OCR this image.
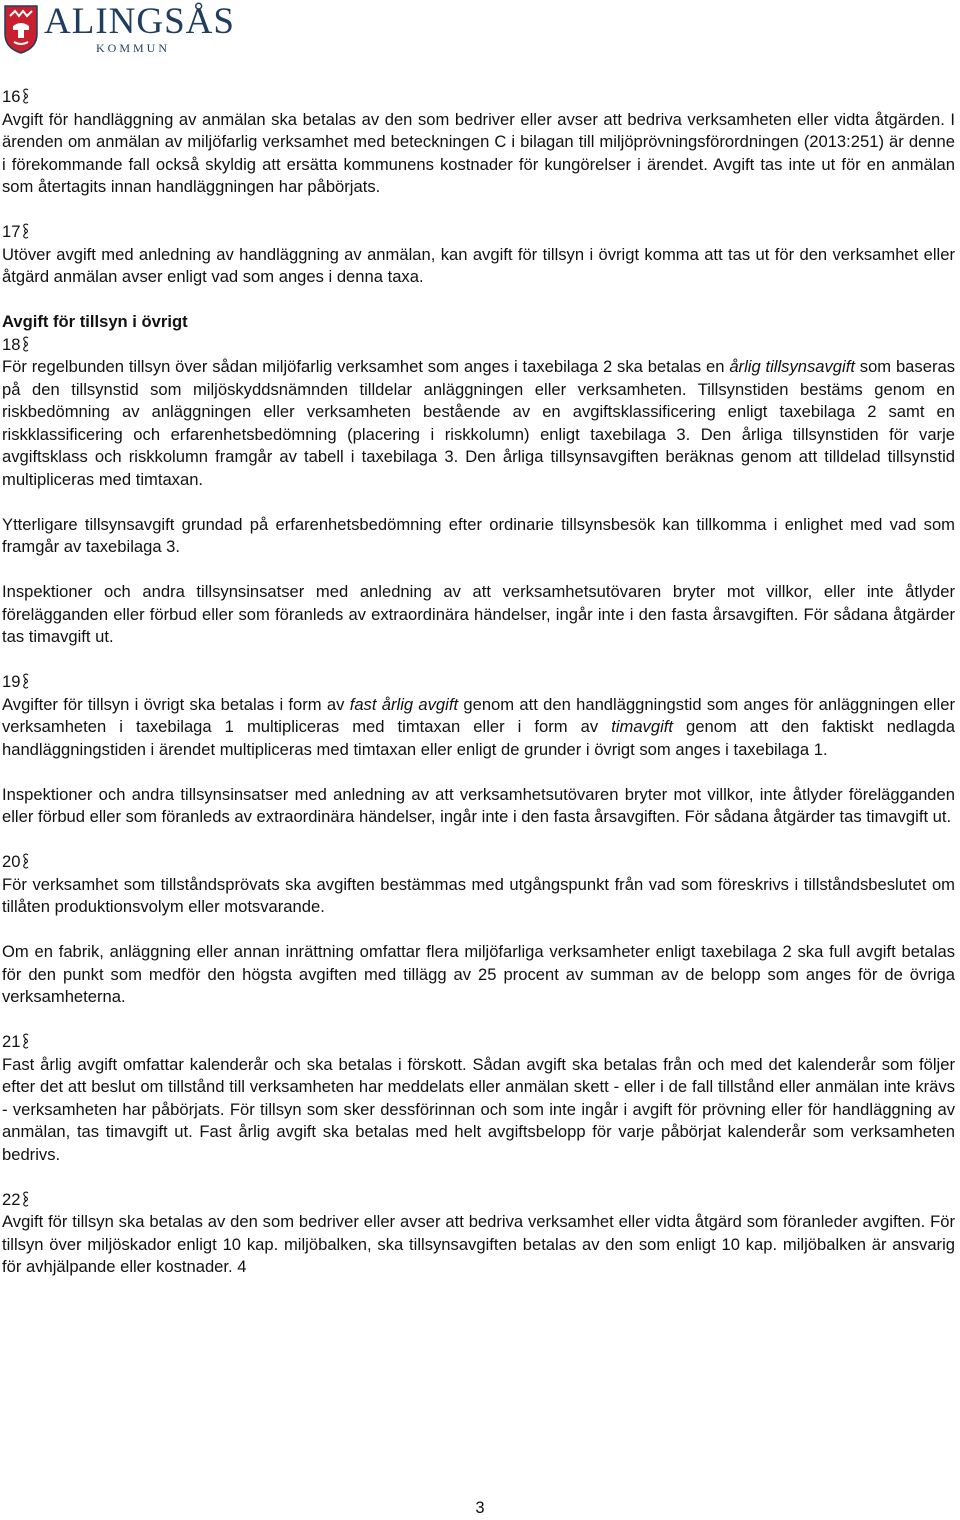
ALINGSÅS
KOMMUN

16

Avgift för handläggning av anmälan ska betalas av den som bedriver eller avser att bedriva verksamheten eller vidta åtgärden. I ärenden om anmälan av miljöfarlig verksamhet med beteckningen C i bilagan till miljöprövningsförordningen (2013:251) är denne i förekommande fall också skyldig att ersätta kommunens kostnader för kungörelser i ärendet. Avgift tas inte ut för en anmälan som återtagits innan handläggningen har påbörjats.

17

Utöver avgift med anledning av handläggning av anmälan, kan avgift för tillsyn i övrigt komma att tas ut för den verksamhet eller åtgärd anmälan avser enligt vad som anges i denna taxa.

Avgift för tillsyn i övrigt

18

För regelbunden tillsyn över sådan miljöfarlig verksamhet som anges i taxebilaga 2 ska betalas en årlig tillsynsavgift som baseras på den tillsynstid som miljöskyddsnämnden tilldelar anläggningen eller verksamheten. Tillsynstiden bestäms genom en riskbedömning av anläggningen eller verksamheten bestående av en avgiftsklassificering enligt taxebilaga 2 samt en riskklassificering och erfarenhetsbedömning (placering i riskkolumn) enligt taxebilaga 3. Den årliga tillsynstiden för varje avgiftsklass och riskkolumn framgår av tabell i taxebilaga 3. Den årliga tillsynsavgiften beräknas genom att tilldelad tillsynstid multipliceras med timtaxan.

Ytterligare tillsynsavgift grundad på erfarenhetsbedömning efter ordinarie tillsynsbesök kan tillkomma i enlighet med vad som framgår av taxebilaga 3.

Inspektioner och andra tillsynsinsatser med anledning av att verksamhetsutövaren bryter mot villkor, eller inte åtlyder förelägganden eller förbud eller som föranleds av extraordinära händelser, ingår inte i den fasta årsavgiften. För sådana åtgärder tas timavgift ut.

19

Avgifter för tillsyn i övrigt ska betalas i form av fast årlig avgift genom att den handläggningstid som anges för anläggningen eller verksamheten i taxebilaga 1 multipliceras med timtaxan eller i form av timavgift genom att den faktiskt nedlagda handläggningstiden i ärendet multipliceras med timtaxan eller enligt de grunder i övrigt som anges i taxebilaga 1.

Inspektioner och andra tillsynsinsatser med anledning av att verksamhetsutövaren bryter mot villkor, inte åtlyder förelägganden eller förbud eller som föranleds av extraordinära händelser, ingår inte i den fasta årsavgiften. För sådana åtgärder tas timavgift ut.

20

För verksamhet som tillståndsprövats ska avgiften bestämmas med utgångspunkt från vad som föreskrivs i tillståndsbeslutet om tillåten produktionsvolym eller motsvarande.

Om en fabrik, anläggning eller annan inrättning omfattar flera miljöfarliga verksamheter enligt taxebilaga 2 ska full avgift betalas för den punkt som medför den högsta avgiften med tillägg av 25 procent av summan av de belopp som anges för de övriga verksamheterna.

21

Fast årlig avgift omfattar kalenderår och ska betalas i förskott. Sådan avgift ska betalas från och med det kalenderår som följer efter det att beslut om tillstånd till verksamheten har meddelats eller anmälan skett - eller i de fall tillstånd eller anmälan inte krävs - verksamheten har påbörjats. För tillsyn som sker dessförinnan och som inte ingår i avgift för prövning eller för handläggning av anmälan, tas timavgift ut. Fast årlig avgift ska betalas med helt avgiftsbelopp för varje påbörjat kalenderår som verksamheten bedrivs.

22

Avgift för tillsyn ska betalas av den som bedriver eller avser att bedriva verksamhet eller vidta åtgärd som föranleder avgiften. För tillsyn över miljöskador enligt 10 kap. miljöbalken, ska tillsynsavgiften betalas av den som enligt 10 kap. miljöbalken är ansvarig för avhjälpande eller kostnader. 4

3
